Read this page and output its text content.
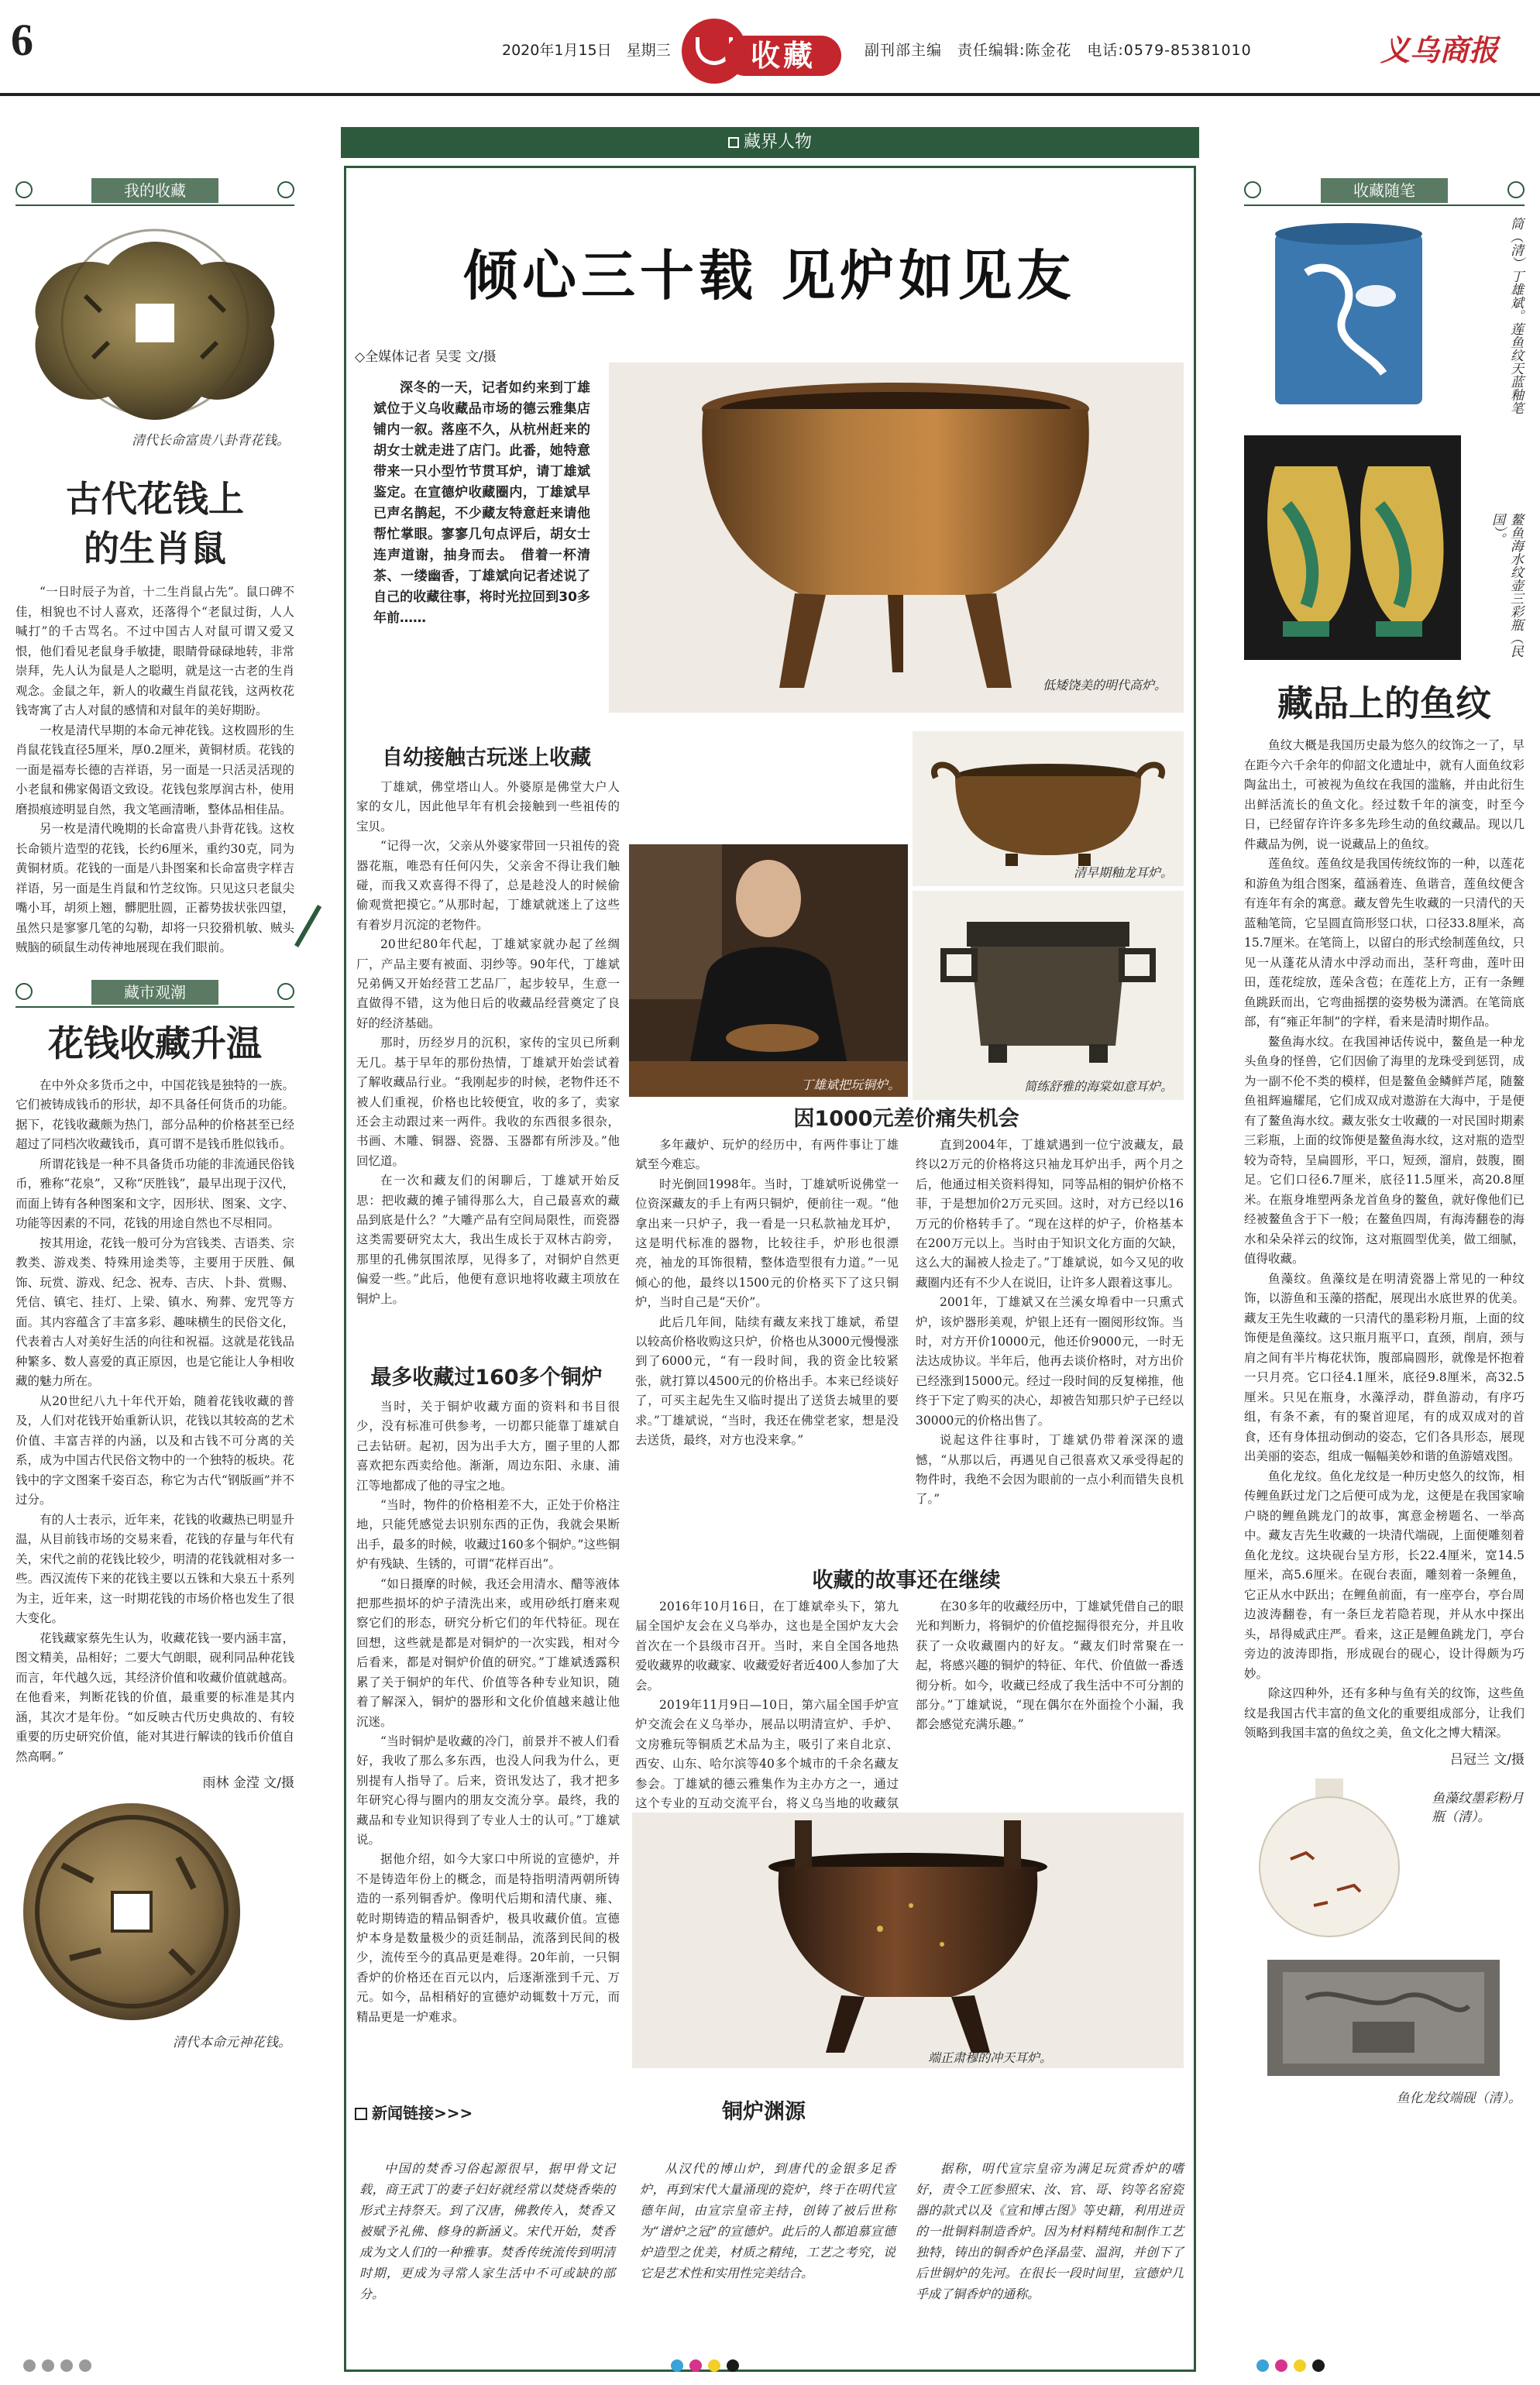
6	2020年1月15日　星期三	收藏	副刊部主编　责任编辑:陈金花　电话:0579-85381010	义乌商报
藏界人物
我的收藏
清代长命富贵八卦背花钱。
古代花钱上的生肖鼠

“一日时辰子为首，十二生肖鼠占先”。鼠口碑不佳，相貌也不讨人喜欢，还落得个“老鼠过街，人人喊打”的千古骂名。不过中国古人对鼠可谓又爱又恨，他们看见老鼠身手敏捷，眼睛骨碌碌地转，非常崇拜，先人认为鼠是人之聪明，就是这一古老的生肖观念。金鼠之年，新人的收藏生肖鼠花钱，这两枚花钱寄寓了古人对鼠的感情和对鼠年的美好期盼。

一枚是清代早期的本命元神花钱。这枚圆形的生肖鼠花钱直径5厘米，厚0.2厘米，黄铜材质。花钱的一面是福寿长德的吉祥语，另一面是一只活灵活现的小老鼠和佛家偈语文致设。花钱包浆厚润古朴，使用磨损痕迹明显自然，我文笔画清晰，整体品相佳品。

另一枚是清代晚期的长命富贵八卦背花钱。这枚长命锁片造型的花钱，长约6厘米，重约30克，同为黄铜材质。花钱的一面是八卦图案和长命富贵字样吉祥语，另一面是生肖鼠和竹芝纹饰。只见这只老鼠尖嘴小耳，胡须上翘，髒肥肚圆，正蓄势拔状张四望，虽然只是寥寥几笔的勾勒，却将一只狡猾机敏、贼头贼脑的硕鼠生动传神地展现在我们眼前。

藏市观潮
花钱收藏升温

在中外众多货币之中，中国花钱是独特的一族。它们被铸成钱币的形状，却不具备任何货币的功能。据下，花钱收藏颇为热门，部分品种的价格甚至已经超过了同档次收藏钱币，真可谓不是钱币胜似钱币。

所谓花钱是一种不具备货币功能的非流通民俗钱币，雅称“花泉”，又称“厌胜钱”，最早出现于汉代，而面上铸有各种图案和文字，因形状、图案、文字、功能等因素的不同，花钱的用途自然也不尽相同。

按其用途，花钱一般可分为宫钱类、吉语类、宗教类、游戏类、特殊用途类等，主要用于厌胜、佩饰、玩赏、游戏、纪念、祝寿、吉庆、卜卦、赏赐、凭信、镇宅、挂灯、上梁、镇水、殉葬、宠咒等方面。其内容蕴含了丰富多彩、趣味横生的民俗文化，代表着古人对美好生活的向往和祝福。这就是花钱品种繁多、数人喜爱的真正原因，也是它能让人争相收藏的魅力所在。

从20世纪八九十年代开始，随着花钱收藏的普及，人们对花钱开始重新认识，花钱以其较高的艺术价值、丰富吉祥的内涵，以及和古钱不可分离的关系，成为中国古代民俗文物中的一个独特的板块。花钱中的字文图案千姿百态，称它为古代“钢版画”并不过分。

有的人士表示，近年来，花钱的收藏热已明显升温，从目前钱市场的交易来看，花钱的存量与年代有关，宋代之前的花钱比较少，明清的花钱就相对多一些。西汉流传下来的花钱主要以五铢和大泉五十系列为主，近年来，这一时期花钱的市场价格也发生了很大变化。

花钱藏家蔡先生认为，收藏花钱一要内涵丰富，图文精美，品相好；二要大气朗眼，砚利同品种花钱而言，年代越久远，其经济价值和收藏价值就越高。在他看来，判断花钱的价值，最重要的标准是其内涵，其次才是年份。“如反映古代历史典故的、有较重要的历史研究价值，能对其进行解读的钱币价值自然高啊。”

雨林 金滢 文/摄
清代本命元神花钱。
倾心三十载 见炉如见友
◇全媒体记者 吴雯 文/摄

深冬的一天，记者如约来到丁雄斌位于义乌收藏品市场的德云雅集店铺内一叙。落座不久，从杭州赶来的胡女士就走进了店门。此番，她特意带来一只小型竹节贯耳炉，请丁雄斌鉴定。在宣德炉收藏圈内，丁雄斌早已声名鹊起，不少藏友特意赶来请他帮忙掌眼。寥寥几句点评后，胡女士连声道谢，抽身而去。　借着一杯清茶、一缕幽香，丁雄斌向记者述说了自己的收藏往事，将时光拉回到30多年前……

低矮饶美的明代高炉。
自幼接触古玩迷上收藏

丁雄斌，佛堂塔山人。外婆原是佛堂大户人家的女儿，因此他早年有机会接触到一些祖传的宝贝。

“记得一次，父亲从外婆家带回一只祖传的瓷器花瓶，唯恐有任何闪失，父亲舍不得让我们触碰，而我又欢喜得不得了，总是趁没人的时候偷偷观赏把摸它。”从那时起，丁雄斌就迷上了这些有着岁月沉淀的老物件。

20世纪80年代起，丁雄斌家就办起了丝绸厂，产品主要有被面、羽纱等。90年代，丁雄斌兄弟俩又开始经营工艺品厂，起步较早，生意一直做得不错，这为他日后的收藏品经营奠定了良好的经济基础。

那时，历经岁月的沉积，家传的宝贝已所剩无几。基于早年的那份热情，丁雄斌开始尝试着了解收藏品行业。“我刚起步的时候，老物件还不被人们重视，价格也比较便宜，收的多了，卖家还会主动跟过来一两件。我收的东西很多很杂，书画、木雕、铜器、瓷器、玉器都有所涉及。”他回忆道。

在一次和藏友们的闲聊后，丁雄斌开始反思：把收藏的摊子铺得那么大，自己最喜欢的藏品到底是什么？”大雕产品有空间局限性，而瓷器这类需要研究太大，我出生成长于双林古韵旁，那里的孔佛氛围浓厚，见得多了，对铜炉自然更偏爱一些。”此后，他便有意识地将收藏主项放在铜炉上。

丁雄斌把玩铜炉。
清早期釉龙耳炉。
简练舒雅的海棠如意耳炉。
最多收藏过160多个铜炉

当时，关于铜炉收藏方面的资料和书目很少，没有标准可供参考，一切都只能靠丁雄斌自己去钻研。起初，因为出手大方，圈子里的人都喜欢把东西卖给他。渐渐，周边东阳、永康、浦江等地都成了他的寻宝之地。

“当时，物件的价格相差不大，正处于价格注地，只能凭感觉去识别东西的正伪，我就会果断出手，最多的时候，收藏过160多个铜炉。”这些铜炉有残缺、生锈的，可谓“花样百出”。

“如日摄摩的时候，我还会用清水、醋等液体把那些损坏的炉子清洗出来，或用砂纸打磨来观察它们的形态，研究分析它们的年代特征。现在回想，这些就是都是对铜炉的一次实践，相对今后看来，都是对铜炉价值的研究。”丁雄斌透露积累了关于铜炉的年代、价值等各种专业知识，随着了解深入，铜炉的器形和文化价值越来越让他沉迷。

“当时铜炉是收藏的冷门，前景并不被人们看好，我收了那么多东西，也没人问我为什么，更别提有人指导了。后来，资讯发达了，我才把多年研究心得与圈内的朋友交流分享。最终，我的藏品和专业知识得到了专业人士的认可。”丁雄斌说。

据他介绍，如今大家口中所说的宣德炉，并不是铸造年份上的概念，而是特指明清两朝所铸造的一系列铜香炉。像明代后期和清代康、雍、乾时期铸造的精品铜香炉，极具收藏价值。宣德炉本身是数量极少的贡廷制品，流落到民间的极少，流传至今的真品更是难得。20年前，一只铜香炉的价格还在百元以内，后逐渐涨到千元、万元。如今，品相稍好的宣德炉动辄数十万元，而精品更是一炉难求。

因1000元差价痛失机会

多年藏炉、玩炉的经历中，有两件事让丁雄斌至今难忘。

时光倒回1998年。当时，丁雄斌听说佛堂一位资深藏友的手上有两只铜炉，便前往一观。“他拿出来一只炉子，我一看是一只私款袖龙耳炉，这是明代标准的器物，比较往手，炉形也很漂亮，袖龙的耳饰很精，整体造型很有力道。”一见倾心的他，最终以1500元的价格买下了这只铜炉，当时自己是“天价”。

此后几年间，陆续有藏友来找丁雄斌，希望以较高价格收购这只炉，价格也从3000元慢慢涨到了6000元，“有一段时间，我的资金比较紧张，就打算以4500元的价格出手。本来已经谈好了，可买主起先生又临时提出了送货去城里的要求。”丁雄斌说，“当时，我还在佛堂老家，想是没去送货，最终，对方也没来拿。”

直到2004年，丁雄斌遇到一位宁波藏友，最终以2万元的价格将这只袖龙耳炉出手，两个月之后，他通过相关资料得知，同等品相的铜炉价格不菲，于是想加价2万元买回。这时，对方已经以16万元的价格转手了。“现在这样的炉子，价格基本在200万元以上。当时由于知识文化方面的欠缺，这么大的漏被人捡走了。”丁雄斌说，如今又见的收藏圈内还有不少人在说旧，让许多人跟着这事儿。

2001年，丁雄斌又在兰溪女埠看中一只熏式炉，该炉器形美观，炉银上还有一圈阅形纹饰。当时，对方开价10000元，他还价9000元，一时无法达成协议。半年后，他再去谈价格时，对方出价已经涨到15000元。经过一段时间的反复梯推，他终于下定了购买的决心，却被告知那只炉子已经以30000元的价格出售了。

说起这件往事时，丁雄斌仍带着深深的遗憾，“从那以后，再遇见自己很喜欢又承受得起的物件时，我绝不会因为眼前的一点小利而错失良机了。”

收藏的故事还在继续

2016年10月16日，在丁雄斌牵头下，第九届全国炉友会在义乌举办，这也是全国炉友大会首次在一个县级市召开。当时，来自全国各地热爱收藏界的收藏家、收藏爱好者近400人参加了大会。

2019年11月9日—10日，第六届全国手炉宣炉交流会在义乌举办，展品以明清宣炉、手炉、文房雅玩等铜质艺术品为主，吸引了来自北京、西安、山东、哈尔滨等40多个城市的千余名藏友参会。丁雄斌的德云雅集作为主办方之一，通过这个专业的互动交流平台，将义乌当地的收藏氛

在30多年的收藏经历中，丁雄斌凭借自己的眼光和判断力，将铜炉的价值挖掘得很充分，并且收获了一众收藏圈内的好友。“藏友们时常聚在一起，将感兴趣的铜炉的特征、年代、价值做一番透彻分析。如今，收藏已经成了我生活中不可分割的部分。”丁雄斌说，“现在偶尔在外面捡个小漏，我都会感觉充满乐趣。”

端正肃穆的冲天耳炉。
新闻链接>>>	铜炉渊源

中国的焚香习俗起源很早，据甲骨文记载，商王武丁的妻子妇好就经常以焚烧香柴的形式主持祭天。到了汉唐，佛教传入，焚香又被赋予礼佛、修身的新涵义。宋代开始，焚香成为文人们的一种雅事。焚香传统流传到明清时期，更成为寻常人家生活中不可或缺的部分。

从汉代的博山炉，到唐代的金银多足香炉，再到宋代大量涌现的瓷炉，终于在明代宣德年间，由宣宗皇帝主持，创铸了被后世称为“谱炉之冠”的宣德炉。此后的人都追慕宣德炉造型之优美，材质之精纯，工艺之考究，说它是艺术性和实用性完美结合。

据称，明代宣宗皇帝为满足玩赏香炉的嗜好，责令工匠参照宋、汝、官、哥、钧等名窑瓷器的款式以及《宣和博古图》等史籍，利用进贡的一批铜料制造香炉。因为材料精纯和制作工艺独特，铸出的铜香炉色泽晶莹、温润，并创下了后世铜炉的先河。在很长一段时间里，宣德炉几乎成了铜香炉的通称。

收藏随笔
筒（清）丁雄斌。莲鱼纹天蓝釉笔
鳌鱼海水纹壶三彩瓶（民国）。
藏品上的鱼纹

鱼纹大概是我国历史最为悠久的纹饰之一了，早在距今六千余年的仰韶文化遗址中，就有人面鱼纹彩陶盆出土，可被视为鱼纹在我国的滥觞，并由此衍生出鲜活流长的鱼文化。经过数千年的演变，时至今日，已经留存许许多多先珍生动的鱼纹藏品。现以几件藏品为例，说一说藏品上的鱼纹。

莲鱼纹。莲鱼纹是我国传统纹饰的一种，以莲花和游鱼为组合图案，蕴涵着连、鱼谐音，莲鱼纹便含有连年有余的寓意。藏友曾先生收藏的一只清代的天蓝釉笔筒，它呈圆直筒形竖口状，口径33.8厘米，高15.7厘米。在笔筒上，以留白的形式绘制莲鱼纹，只见一从蓬花从清水中浮动而出，茎秆弯曲，莲叶田田，莲花绽放，莲朵含苞；在莲花上方，正有一条鲤鱼跳跃而出，它弯曲摇摆的姿势极为潇洒。在笔筒底部，有“雍正年制”的字样，看来是清时期作品。

鳌鱼海水纹。在我国神话传说中，鳌鱼是一种龙头鱼身的怪兽，它们因偷了海里的龙珠受到惩罚，成为一副不伦不类的模样，但是鳌鱼金鳞鲜芦尾，随鳌鱼祖辉遍耀尾，它们成双成对遨游在大海中，于是便有了鳌鱼海水纹。藏友张女士收藏的一对民国时期素三彩瓶，上面的纹饰便是鳌鱼海水纹，这对瓶的造型较为奇特，呈扁圆形，平口，短颈，溜肩，鼓腹，圈足。它们口径6.7厘米，底径11.5厘米，高20.8厘米。在瓶身堆塑两条龙首鱼身的鳌鱼，就好像他们已经被鳌鱼含于下一般；在鳌鱼四周，有海涛翻卷的海水和朵朵祥云的纹饰，这对瓶圆型优美，做工细腻，值得收藏。

鱼藻纹。鱼藻纹是在明清瓷器上常见的一种纹饰，以游鱼和玉藻的搭配，展现出水底世界的优美。藏友王先生收藏的一只清代的墨彩粉月瓶，上面的纹饰便是鱼藻纹。这只瓶月瓶平口，直颈，削肩，颈与肩之间有半片梅花状饰，腹部扁圆形，就像是怀抱着一只月亮。它口径4.1厘米，底径9.8厘米，高32.5厘米。只见在瓶身，水藻浮动，群鱼游动，有序巧组，有条不紊，有的聚首迎尾，有的成双成对的首食，还有身体扭动倒动的姿态，它们各具形态，展现出美丽的姿态，组成一幅幅美妙和谐的鱼游嬉戏图。

鱼化龙纹。鱼化龙纹是一种历史悠久的纹饰，相传鲤鱼跃过龙门之后便可成为龙，这便是在我国家喻户晓的鲤鱼跳龙门的故事，寓意金榜题名、一举高中。藏友吉先生收藏的一块清代端砚，上面便雕刻着鱼化龙纹。这块砚台呈方形，长22.4厘米，宽14.5厘米，高5.6厘米。在砚台表面，雕刻着一条鲤鱼，它正从水中跃出；在鲤鱼前面，有一座亭台，亭台周边波涛翻卷，有一条巨龙若隐若现，并从水中探出头，昂得威武庄严。看来，这正是鲤鱼跳龙门，亭台旁边的波涛即指，形成砚台的砚心，设计得颇为巧妙。

除这四种外，还有多种与鱼有关的纹饰，这些鱼纹是我国古代丰富的鱼文化的重要组成部分，让我们领略到我国丰富的鱼纹之美，鱼文化之博大精深。

吕冠兰 文/摄
鱼藻纹墨彩粉月瓶（清）。
鱼化龙纹端砚（清）。
